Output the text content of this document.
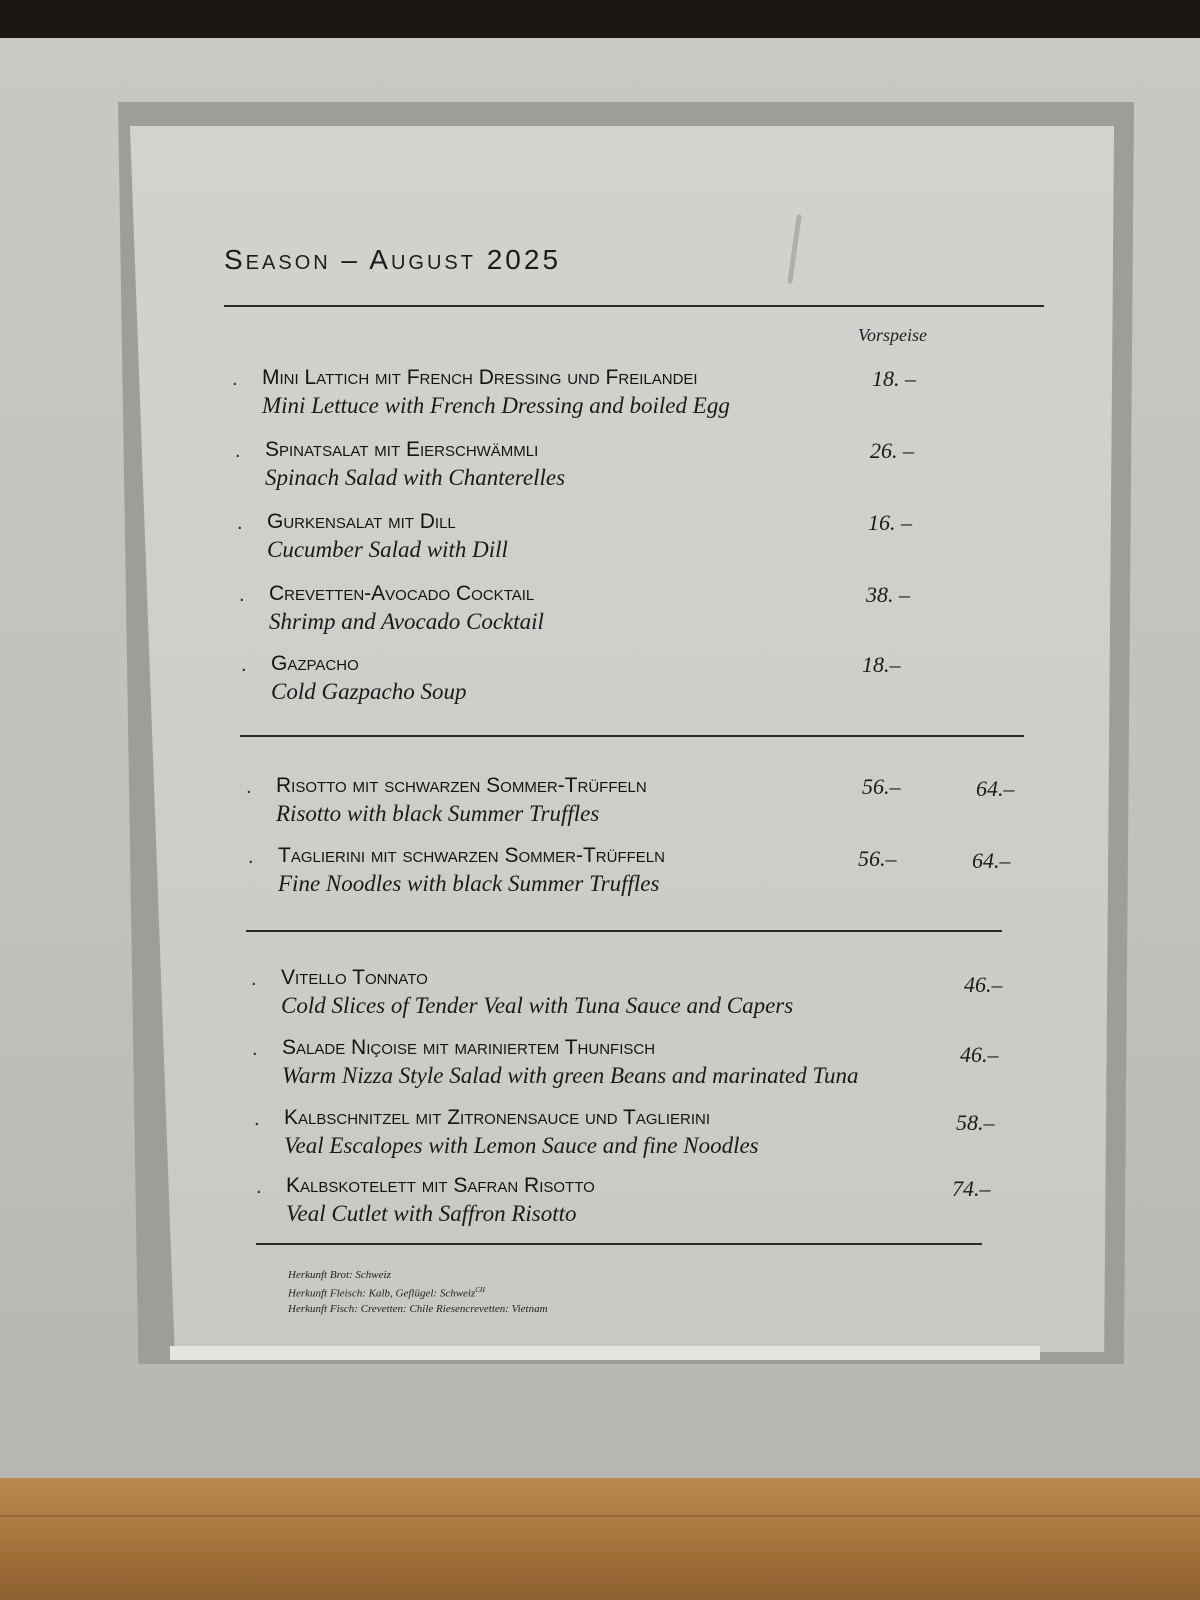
Season – August 2025
Vorspeise
. Mini Lattich mit French Dressing und Freilandei
Mini Lettuce with French Dressing and boiled Egg
18. –
. Spinatsalat mit Eierschwämmli
Spinach Salad with Chanterelles
26. –
. Gurkensalat mit Dill
Cucumber Salad with Dill
16. –
. Crevetten-Avocado Cocktail
Shrimp and Avocado Cocktail
38. –
. Gazpacho
Cold Gazpacho Soup
18.–
. Risotto mit schwarzen Sommer-Trüffeln
Risotto with black Summer Truffles
56.–	64.–
. Taglierini mit schwarzen Sommer-Trüffeln
Fine Noodles with black Summer Truffles
56.–	64.–
. Vitello Tonnato
Cold Slices of Tender Veal with Tuna Sauce and Capers
46.–
. Salade Niçoise mit mariniertem Thunfisch
Warm Nizza Style Salad with green Beans and marinated Tuna
46.–
. Kalbschnitzel mit Zitronensauce und Taglierini
Veal Escalopes with Lemon Sauce and fine Noodles
58.–
. Kalbskotelett mit Safran Risotto
Veal Cutlet with Saffron Risotto
74.–
Herkunft Brot: Schweiz
Herkunft Fleisch: Kalb, Geflügel: Schweiz$^{CH}$
Herkunft Fisch: Crevetten: Chile Riesencrevetten: Vietnam
